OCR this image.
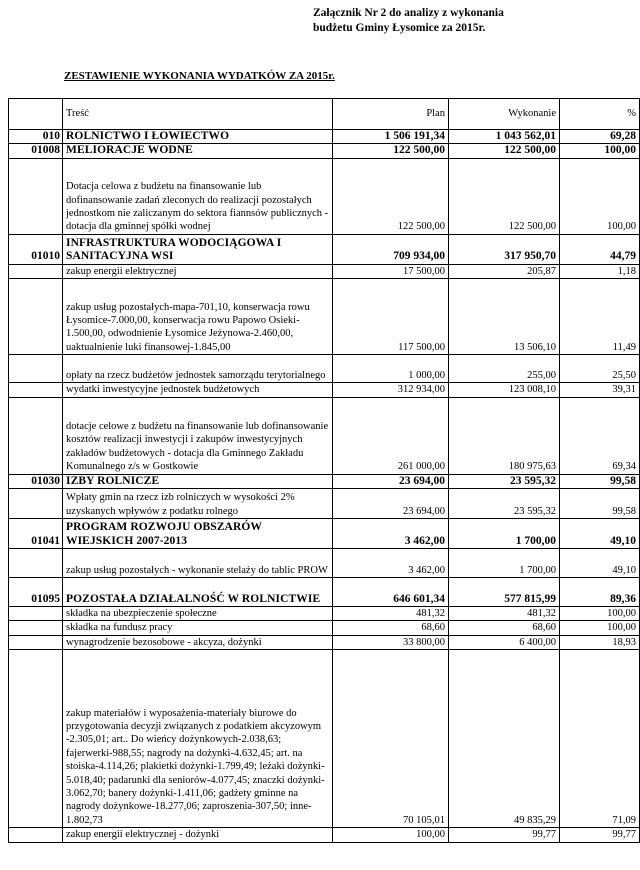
Załącznik Nr 2 do analizy z wykonania
budżetu Gminy Łysomice za 2015r.
ZESTAWIENIE WYKONANIA WYDATKÓW ZA 2015r.
	Treść	Plan	Wykonanie	%
010	ROLNICTWO I ŁOWIECTWO	1 506 191,34	1 043 562,01	69,28
01008	MELIORACJE WODNE	122 500,00	122 500,00	100,00
	Dotacja celowa z budżetu na finansowanie lub dofinansowanie zadań zleconych do realizacji pozostałych jednostkom nie zaliczanym do sektora fiannsów publicznych - dotacja dla gminnej spółki wodnej	122 500,00	122 500,00	100,00
01010	INFRASTRUKTURA WODOCIĄGOWA I SANITACYJNA WSI	709 934,00	317 950,70	44,79
	zakup energii elektrycznej	17 500,00	205,87	1,18
	zakup usług pozostałych-mapa-701,10, konserwacja rowu Łysomice-7.000,00, konserwacja rowu Papowo Osieki-1.500,00, odwodnienie Łysomice Jeżynowa-2.460,00, uaktualnienie luki finansowej-1.845,00	117 500,00	13 506,10	11,49
	opłaty na rzecz budżetów jednostek samorządu terytorialnego	1 000,00	255,00	25,50
	wydatki inwestycyjne jednostek budżetowych	312 934,00	123 008,10	39,31
	dotacje celowe z budżetu na finansowanie lub dofinansowanie kosztów realizacji inwestycji i zakupów inwestycyjnych zakładów budżetowych - dotacja dla Gminnego Zakładu Komunalnego z/s w Gostkowie	261 000,00	180 975,63	69,34
01030	IZBY ROLNICZE	23 694,00	23 595,32	99,58
	Wpłaty gmin na rzecz izb rolniczych w wysokości 2% uzyskanych wpływów z podatku rolnego	23 694,00	23 595,32	99,58
01041	PROGRAM ROZWOJU OBSZARÓW WIEJSKICH 2007-2013	3 462,00	1 700,00	49,10
	zakup usług pozostałych - wykonanie stelaży do tablic PROW	3 462,00	1 700,00	49,10
01095	POZOSTAŁA DZIAŁALNOŚĆ W ROLNICTWIE	646 601,34	577 815,99	89,36
	składka na ubezpieczenie społeczne	481,32	481,32	100,00
	składka na fundusz pracy	68,60	68,60	100,00
	wynagrodzenie bezosobowe - akcyza, dożynki	33 800,00	6 400,00	18,93
	zakup materiałów i wyposażenia-materiały biurowe do przygotowania decyzji związanych z podatkiem akcyzowym -2.305,01; art.. Do wieńcy dożynkowych-2.038,63; fajerwerki-988,55; nagrody na dożynki-4.632,45; art. na stoiska-4.114,26; plakietki dożynki-1.799,49; leżaki dożynki-5.018,40; padarunki dla seniorów-4.077,45; znaczki dożynki-3.062,70; banery dożynki-1.411,06; gadżety gminne na nagrody dożynkowe-18.277,06; zaproszenia-307,50; inne-1.802,73	70 105,01	49 835,29	71,09
	zakup energii elektrycznej - dożynki	100,00	99,77	99,77
